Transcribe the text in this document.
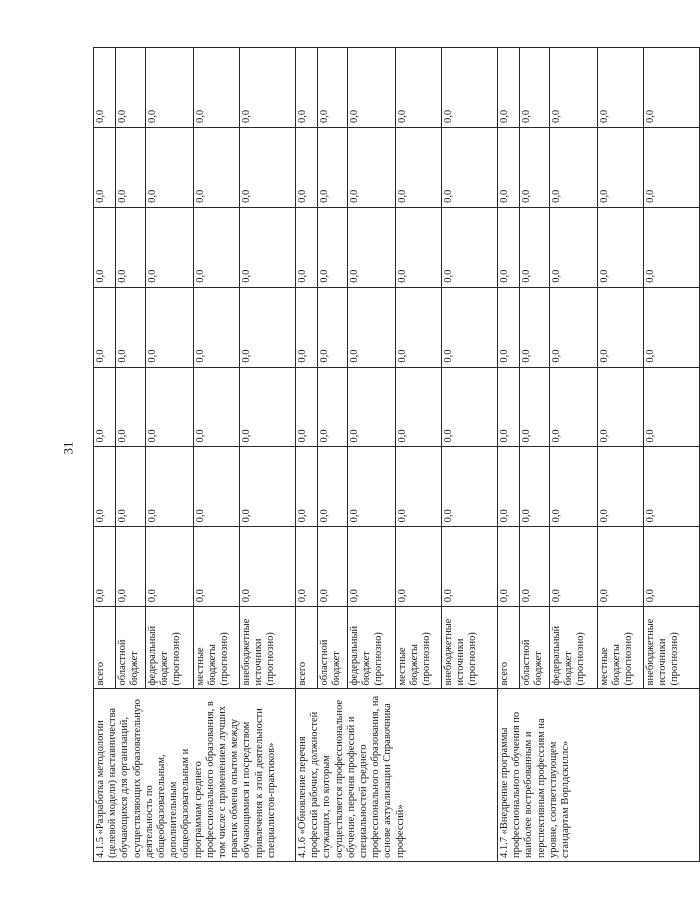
31
4.1.5 «Разработка методологии (целевой модели) наставничества обучающихся для организаций, осуществляющих образовательную деятельность по общеобразовательным, дополнительным общеобразовательным и программам среднего профессионального образования, в том числе с применением лучших практик обмена опытом между обучающимися и посредством привлечения к этой деятельности специалистов-практиков»	всего	0,0	0,0	0,0	0,0	0,0	0,0	0,0
	областной бюджет	0,0	0,0	0,0	0,0	0,0	0,0	0,0
	федеральный бюджет (прогнозно)	0,0	0,0	0,0	0,0	0,0	0,0	0,0
	местные бюджеты (прогнозно)	0,0	0,0	0,0	0,0	0,0	0,0	0,0
	внебюджетные источники (прогнозно)	0,0	0,0	0,0	0,0	0,0	0,0	0,0
4.1.6 «Обновление перечня профессий рабочих, должностей служащих, по которым осуществляется профессиональное обучение, перечня профессий и специальностей среднего профессионального образования, на основе актуализации Справочника профессий»	всего	0,0	0,0	0,0	0,0	0,0	0,0	0,0
	областной бюджет	0,0	0,0	0,0	0,0	0,0	0,0	0,0
	федеральный бюджет (прогнозно)	0,0	0,0	0,0	0,0	0,0	0,0	0,0
	местные бюджеты (прогнозно)	0,0	0,0	0,0	0,0	0,0	0,0	0,0
	внебюджетные источники (прогнозно)	0,0	0,0	0,0	0,0	0,0	0,0	0,0
4.1.7 «Внедрение программы профессионального обучения по наиболее востребованным и перспективным профессиям на уровне, соответствующем стандартам Ворлдскиллс»	всего	0,0	0,0	0,0	0,0	0,0	0,0	0,0
	областной бюджет	0,0	0,0	0,0	0,0	0,0	0,0	0,0
	федеральный бюджет (прогнозно)	0,0	0,0	0,0	0,0	0,0	0,0	0,0
	местные бюджеты (прогнозно)	0,0	0,0	0,0	0,0	0,0	0,0	0,0
	внебюджетные источники (прогнозно)	0,0	0,0	0,0	0,0	0,0	0,0	0,0
